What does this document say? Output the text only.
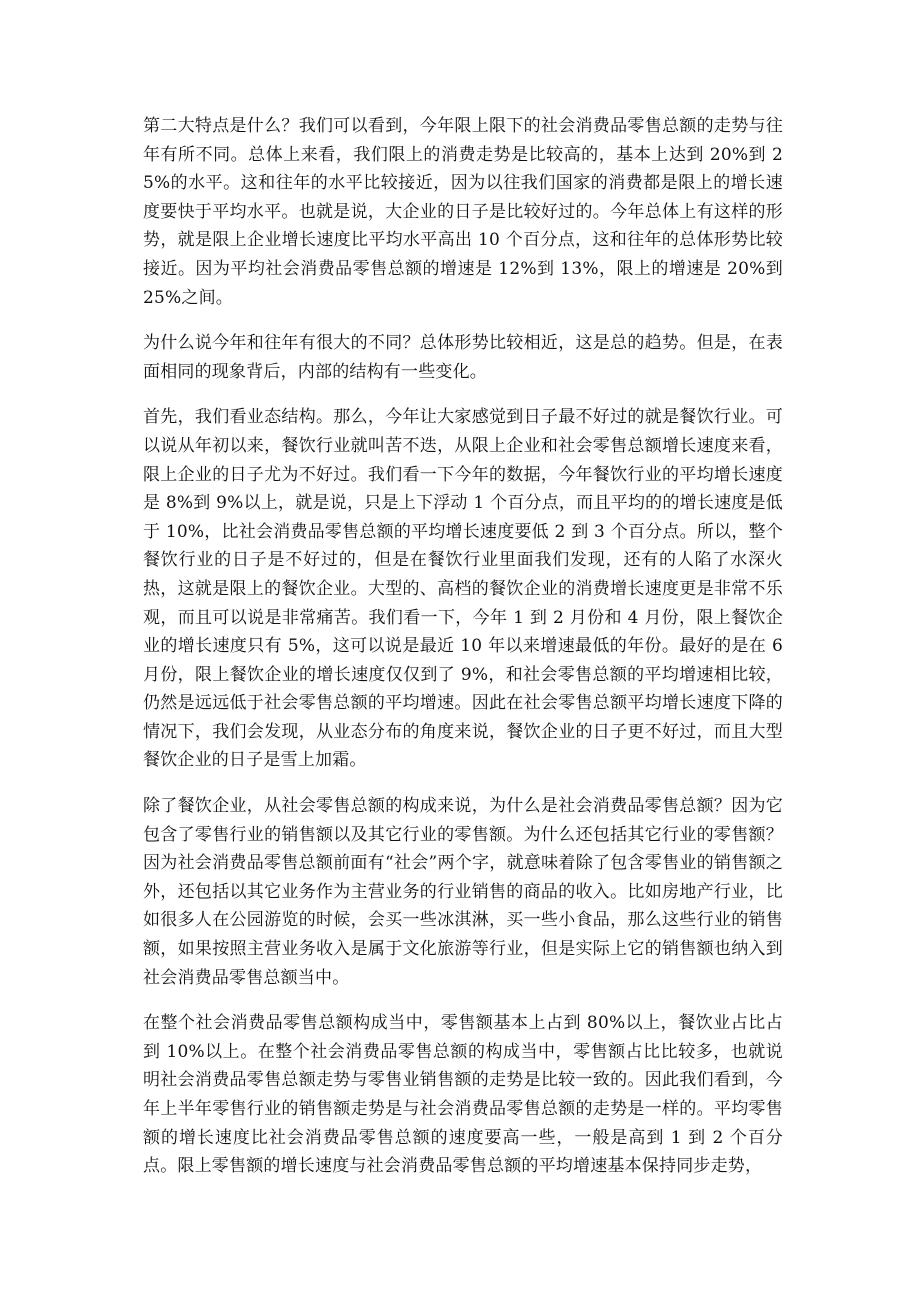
第二大特点是什么？我们可以看到，今年限上限下的社会消费品零售总额的走势与往年有所不同。总体上来看，我们限上的消费走势是比较高的，基本上达到 20%到 25%的水平。这和往年的水平比较接近，因为以往我们国家的消费都是限上的增长速度要快于平均水平。也就是说，大企业的日子是比较好过的。今年总体上有这样的形势，就是限上企业增长速度比平均水平高出 10 个百分点，这和往年的总体形势比较接近。因为平均社会消费品零售总额的增速是 12%到 13%，限上的增速是 20%到 25%之间。

为什么说今年和往年有很大的不同？总体形势比较相近，这是总的趋势。但是，在表面相同的现象背后，内部的结构有一些变化。

首先，我们看业态结构。那么，今年让大家感觉到日子最不好过的就是餐饮行业。可以说从年初以来，餐饮行业就叫苦不迭，从限上企业和社会零售总额增长速度来看，限上企业的日子尤为不好过。我们看一下今年的数据，今年餐饮行业的平均增长速度是 8%到 9%以上，就是说，只是上下浮动 1 个百分点，而且平均的的增长速度是低于 10%，比社会消费品零售总额的平均增长速度要低 2 到 3 个百分点。所以，整个餐饮行业的日子是不好过的，但是在餐饮行业里面我们发现，还有的人陷了水深火热，这就是限上的餐饮企业。大型的、高档的餐饮企业的消费增长速度更是非常不乐观，而且可以说是非常痛苦。我们看一下，今年 1 到 2 月份和 4 月份，限上餐饮企业的增长速度只有 5%，这可以说是最近 10 年以来增速最低的年份。最好的是在 6 月份，限上餐饮企业的增长速度仅仅到了 9%，和社会零售总额的平均增速相比较，仍然是远远低于社会零售总额的平均增速。因此在社会零售总额平均增长速度下降的情况下，我们会发现，从业态分布的角度来说，餐饮企业的日子更不好过，而且大型餐饮企业的日子是雪上加霜。

除了餐饮企业，从社会零售总额的构成来说，为什么是社会消费品零售总额？因为它包含了零售行业的销售额以及其它行业的零售额。为什么还包括其它行业的零售额？因为社会消费品零售总额前面有“社会”两个字，就意味着除了包含零售业的销售额之外，还包括以其它业务作为主营业务的行业销售的商品的收入。比如房地产行业，比如很多人在公园游览的时候，会买一些冰淇淋，买一些小食品，那么这些行业的销售额，如果按照主营业务收入是属于文化旅游等行业，但是实际上它的销售额也纳入到社会消费品零售总额当中。

在整个社会消费品零售总额构成当中，零售额基本上占到 80%以上，餐饮业占比占到 10%以上。在整个社会消费品零售总额的构成当中，零售额占比比较多，也就说明社会消费品零售总额走势与零售业销售额的走势是比较一致的。因此我们看到，今年上半年零售行业的销售额走势是与社会消费品零售总额的走势是一样的。平均零售额的增长速度比社会消费品零售总额的速度要高一些，一般是高到 1 到 2 个百分点。限上零售额的增长速度与社会消费品零售总额的平均增速基本保持同步走势，
